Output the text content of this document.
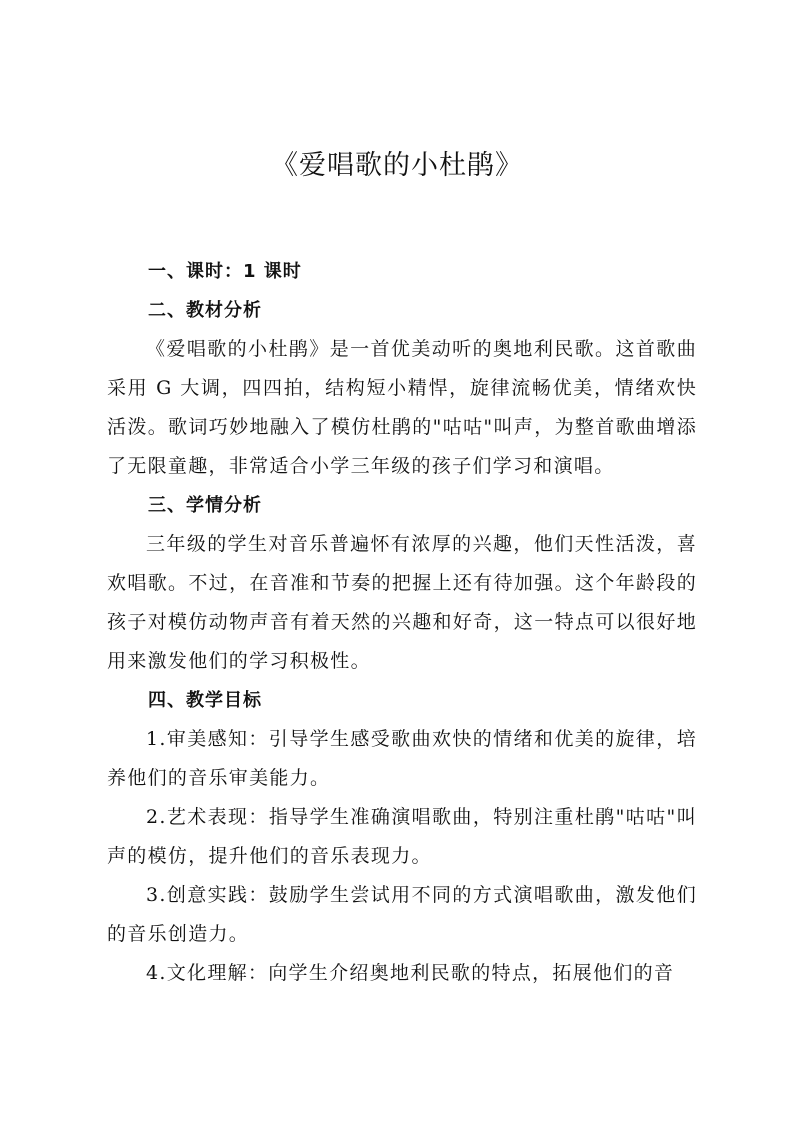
《爱唱歌的小杜鹃》

一、课时：1 课时

二、教材分析

《爱唱歌的小杜鹃》是一首优美动听的奥地利民歌。这首歌曲采用 G 大调，四四拍，结构短小精悍，旋律流畅优美，情绪欢快活泼。歌词巧妙地融入了模仿杜鹃的"咕咕"叫声，为整首歌曲增添了无限童趣，非常适合小学三年级的孩子们学习和演唱。

三、学情分析

三年级的学生对音乐普遍怀有浓厚的兴趣，他们天性活泼，喜欢唱歌。不过，在音准和节奏的把握上还有待加强。这个年龄段的孩子对模仿动物声音有着天然的兴趣和好奇，这一特点可以很好地用来激发他们的学习积极性。

四、教学目标

1.审美感知：引导学生感受歌曲欢快的情绪和优美的旋律，培养他们的音乐审美能力。

2.艺术表现：指导学生准确演唱歌曲，特别注重杜鹃"咕咕"叫声的模仿，提升他们的音乐表现力。

3.创意实践：鼓励学生尝试用不同的方式演唱歌曲，激发他们的音乐创造力。

4.文化理解：向学生介绍奥地利民歌的特点，拓展他们的音
